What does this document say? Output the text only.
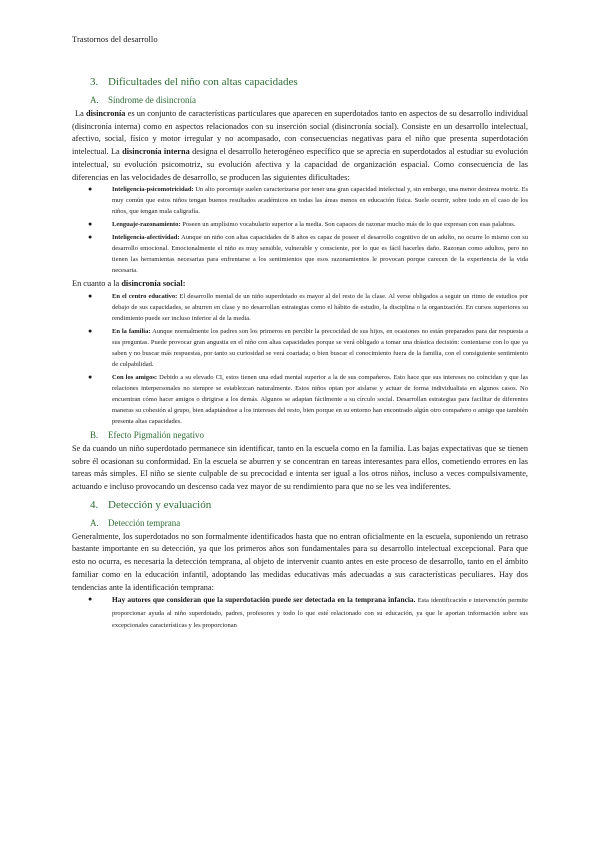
Trastornos del desarrollo
3. Dificultades del niño con altas capacidades
A. Síndrome de disincronía

La disincronía es un conjunto de características particulares que aparecen en superdotados tanto en aspectos de su desarrollo individual (disincronía interna) como en aspectos relacionados con su inserción social (disincronía social). Consiste en un desarrollo intelectual, afectivo, social, físico y motor irregular y no acompasado, con consecuencias negativas para el niño que presenta superdotación intelectual. La disincronía interna designa el desarrollo heterogéneo específico que se aprecia en superdotados al estudiar su evolución intelectual, su evolución psicomotriz, su evolución afectiva y la capacidad de organización espacial. Como consecuencia de las diferencias en las velocidades de desarrollo, se producen las siguientes dificultades:

●	Inteligencia-psicomotricidad: Un alto porcentaje suelen caracterizarse por tener una gran capacidad intelectual y, sin embargo, una menor destreza motriz. Es muy común que estos niños tengan buenos resultados académicos en todas las áreas menos en educación física. Suele ocurrir, sobre todo en el caso de los niños, que tengan mala caligrafía.
●	Lenguaje-razonamiento: Poseen un amplísimo vocabulario superior a la media. Son capaces de razonar mucho más de lo que expresan con esas palabras.
●	Inteligencia-afectividad: Aunque un niño con altas capacidades de 8 años es capaz de poseer el desarrollo cognitivo de un adulto, no ocurre lo mismo con su desarrollo emocional. Emocionalmente el niño es muy sensible, vulnerable y consciente, por lo que es fácil hacerles daño. Razonan como adultos, pero no tienen las herramientas necesarias para enfrentarse a los sentimientos que esos razonamientos le provocan porque carecen de la experiencia de la vida necesaria.

En cuanto a la disincronía social:

●	En el centro educativo: El desarrollo mental de un niño superdotado es mayor al del resto de la clase. Al verse obligados a seguir un ritmo de estudios por debajo de sus capacidades, se aburren en clase y no desarrollan estrategias como el hábito de estudio, la disciplina o la organización. En cursos superiores su rendimiento puede ser incluso inferior al de la media.
●	En la familia: Aunque normalmente los padres son los primeros en percibir la precocidad de sus hijos, en ocasiones no están preparados para dar respuesta a sus preguntas. Puede provocar gran angustia en el niño con altas capacidades porque se verá obligado a tomar una drástica decisión: contentarse con lo que ya saben y no buscar más respuestas, por tanto su curiosidad se verá coartada; o bien buscar el conocimiento fuera de la familia, con el consiguiente sentimiento de culpabilidad.
●	Con los amigos: Debido a su elevado CI, estos tienen una edad mental superior a la de sus compañeros. Esto hace que sus intereses no coincidan y que las relaciones interpersonales no siempre se establezcan naturalmente. Estos niños optan por aislarse y actuar de forma individualista en algunos casos. No encuentran cómo hacer amigos o dirigirse a los demás. Algunos se adaptan fácilmente a su círculo social. Desarrollan estrategias para facilitar de diferentes maneras su cohesión al grupo, bien adaptándose a los intereses del resto, bien porque en su entorno han encontrado algún otro compañero o amigo que también presenta altas capacidades.
B. Efecto Pigmalión negativo

Se da cuando un niño superdotado permanece sin identificar, tanto en la escuela como en la familia. Las bajas expectativas que se tienen sobre él ocasionan su conformidad. En la escuela se aburren y se concentran en tareas interesantes para ellos, cometiendo errores en las tareas más simples. El niño se siente culpable de su precocidad e intenta ser igual a los otros niños, incluso a veces compulsivamente, actuando e incluso provocando un descenso cada vez mayor de su rendimiento para que no se les vea indiferentes.

4. Detección y evaluación
A. Detección temprana

Generalmente, los superdotados no son formalmente identificados hasta que no entran oficialmente en la escuela, suponiendo un retraso bastante importante en su detección, ya que los primeros años son fundamentales para su desarrollo intelectual excepcional. Para que esto no ocurra, es necesaria la detección temprana, al objeto de intervenir cuanto antes en este proceso de desarrollo, tanto en el ámbito familiar como en la educación infantil, adoptando las medidas educativas más adecuadas a sus características peculiares. Hay dos tendencias ante la identificación temprana:

●	Hay autores que consideran que la superdotación puede ser detectada en la temprana infancia. Esta identificación e intervención permite proporcionar ayuda al niño superdotado, padres, profesores y todo lo que esté relacionado con su educación, ya que le aportan información sobre sus excepcionales características y les proporcionan
